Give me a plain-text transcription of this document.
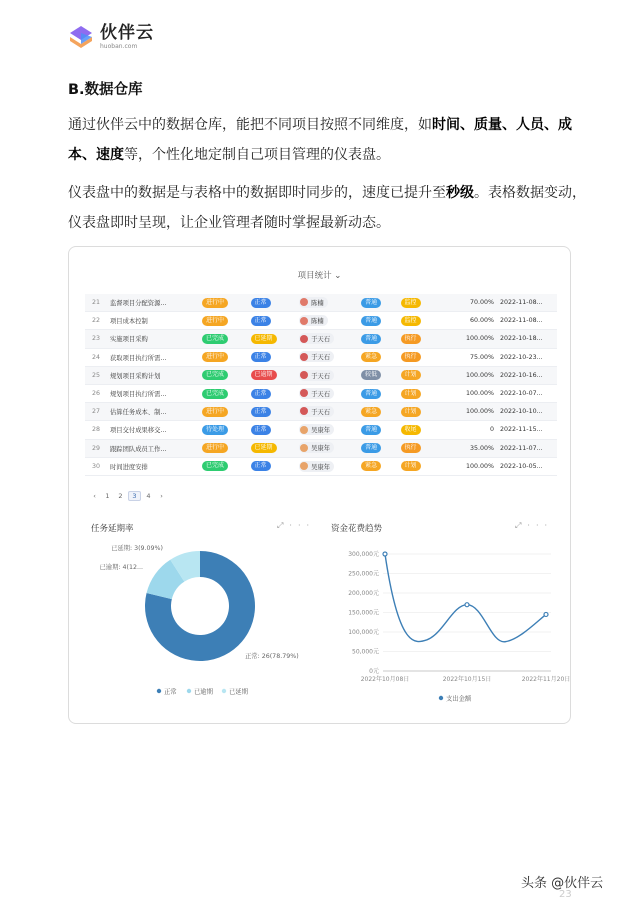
伙伴云
huoban.com
B.数据仓库
通过伙伴云中的数据仓库，能把不同项目按照不同维度，如时间、质量、人员、成本、速度等，个性化地定制自己项目管理的仪表盘。
仪表盘中的数据是与表格中的数据即时同步的，速度已提升至秒级。表格数据变动，仪表盘即时呈现，让企业管理者随时掌握最新动态。
项目统计 ⌄
21	监督项目分配资源...	进行中	正常	陈楠	普通	监控	70.00%	2022-11-08...
22	项目成本控制	进行中	正常	陈楠	普通	监控	60.00%	2022-11-08...
23	实施项目采购	已完成	已延期	于天石	普通	执行	100.00%	2022-10-18...
24	获取项目执行所需...	进行中	正常	于天石	紧急	执行	75.00%	2022-10-23...
25	规划项目采购计划	已完成	已逾期	于天石	较低	计划	100.00%	2022-10-16...
26	规划项目执行所需...	已完成	正常	于天石	普通	计划	100.00%	2022-10-07...
27	估算任务成本、制...	进行中	正常	于天石	紧急	计划	100.00%	2022-10-10...
28	项目交付成果移交...	待处理	正常	吴康年	普通	收尾	0	2022-11-15...
29	跟踪团队成员工作...	进行中	已延期	吴康年	普通	执行	35.00%	2022-11-07...
30	时间进度安排	已完成	正常	吴康年	紧急	计划	100.00%	2022-10-05...
‹	1	2	3	4	›
任务延期率	⤢···
正常: 26(78.79%)
已逾期: 4(12...
已延期: 3(9.09%)
正常	已逾期	已延期
资金花费趋势	⤢···
300,000元
250,000元
200,000元
150,000元
100,000元
50,000元
0元
2022年10月08日	2022年10月15日	2022年11月20日
支出金额
头条 @伙伴云
23
